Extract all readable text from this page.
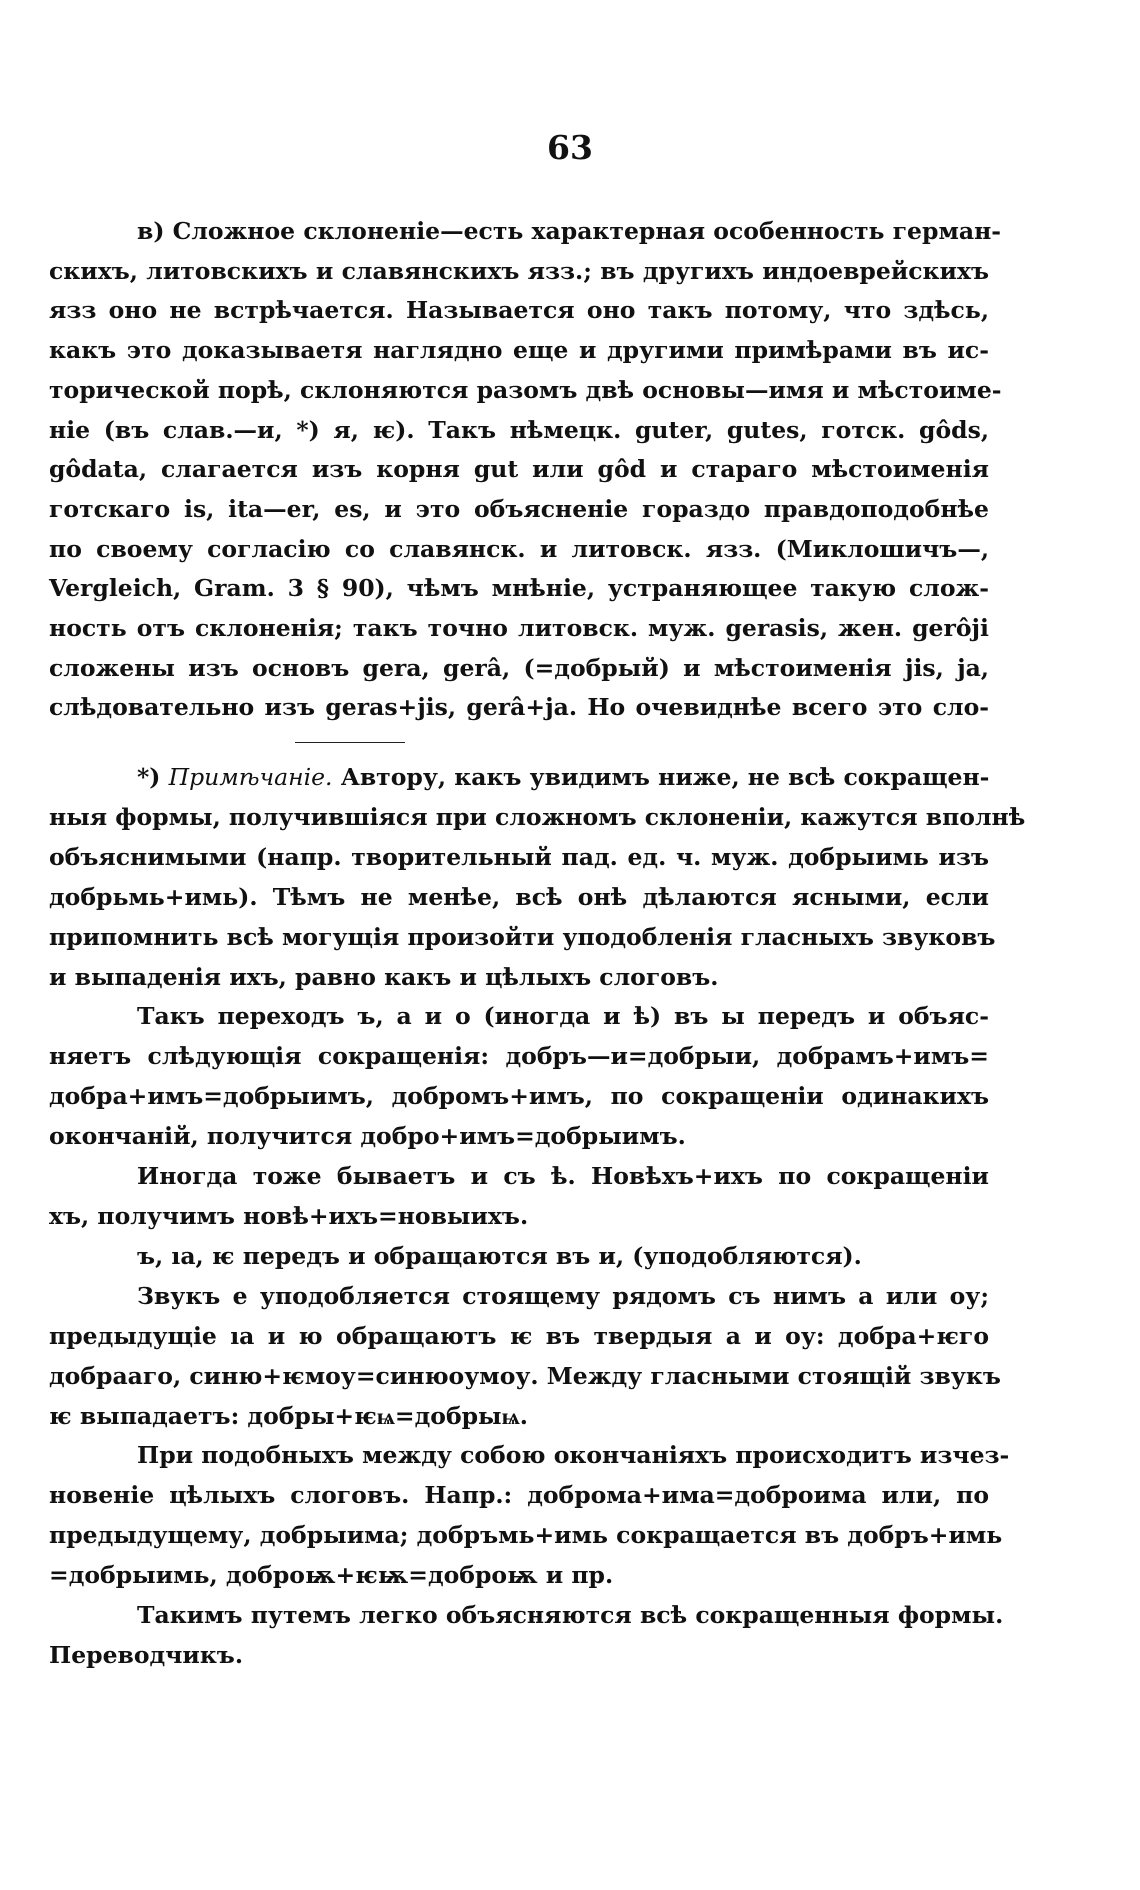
63
в) Сложное склоненіе—есть характерная особенность герман-
скихъ, литовскихъ и славянскихъ язз.; въ другихъ индоеврейскихъ
язз оно не встрѣчается. Называется оно такъ потому, что здѣсь,
какъ это доказываетя наглядно еще и другими примѣрами въ ис-
торической порѣ, склоняются разомъ двѣ основы—имя и мѣстоиме-
ніе (въ слав.—и, *) я, ѥ). Такъ нѣмецк. guter, gutes, готск. gôds,
gôdata, слагается изъ корня gut или gôd и стараго мѣстоименія
готскаго is, ita—er, es, и это объясненіе гораздо правдоподобнѣе
по своему согласію со славянск. и литовск. язз. (Миклошичъ—,
Vergleich, Gram. 3 § 90), чѣмъ мнѣніе, устраняющее такую слож-
ность отъ склоненія; такъ точно литовск. муж. gerasis, жен. gerôji
сложены изъ основъ gera, gerâ, (=добрый) и мѣстоименія jis, ja,
слѣдовательно изъ geras+jis, gerâ+ja. Но очевиднѣе всего это сло-
*) Примѣчаніе. Автору, какъ увидимъ ниже, не всѣ сокращен-
ныя формы, получившіяся при сложномъ склоненіи, кажутся вполнѣ
объяснимыми (напр. творительный пад. ед. ч. муж. добрыимь изъ
добрьмь+имь). Тѣмъ не менѣе, всѣ онѣ дѣлаются ясными, если
припомнить всѣ могущія произойти уподобленія гласныхъ звуковъ
и выпаденія ихъ, равно какъ и цѣлыхъ слоговъ.
Такъ переходъ ъ, а и о (иногда и ѣ) въ ы передъ и объяс-
няетъ слѣдующія сокращенія: добръ—и=добрыи, добрамъ+имъ=
добра+имъ=добрыимъ, добромъ+имъ, по сокращеніи одинакихъ
окончаній, получится добро+имъ=добрыимъ.
Иногда тоже бываетъ и съ ѣ. Новѣхъ+ихъ по сокращеніи
хъ, получимъ новѣ+ихъ=новыихъ.
ъ, ıа, ѥ передъ и обращаются въ и, (уподобляются).
Звукъ е уподобляется стоящему рядомъ съ нимъ а или оу;
предыдущіе ıа и ю обращаютъ ѥ въ твердыя а и оу: добра+ѥго
добрааго, синю+ѥмоу=синюоумоу. Между гласными стоящій звукъ
ѥ выпадаетъ: добры+ѥѩ=добрыѩ.
При подобныхъ между собою окончаніяхъ происходитъ изчез-
новеніе цѣлыхъ слоговъ. Напр.: доброма+има=доброима или, по
предыдущему, добрыима; добръмь+имь сокращается въ добръ+имь
=добрыимь, доброѭ+ѥѭ=доброѭ и пр.
Такимъ путемъ легко объясняются всѣ сокращенныя формы.
Переводчикъ.
